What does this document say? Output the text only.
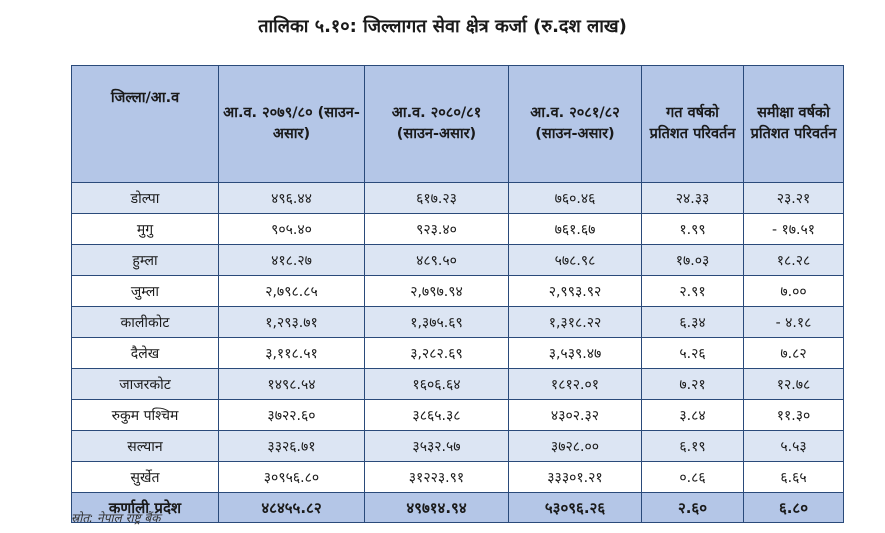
तालिका ५.१०: जिल्लागत सेवा क्षेत्र कर्जा (रु.दश लाख)
जिल्ला/आ.व	आ.व. २०७९/८० (साउन-असार)	आ.व. २०८०/८१ (साउन-असार)	आ.व. २०८१/८२ (साउन-असार)	गत वर्षको प्रतिशत परिवर्तन	समीक्षा वर्षको प्रतिशत परिवर्तन
डोल्पा	४९६.४४	६१७.२३	७६०.४६	२४.३३	२३.२१
मुगु	९०५.४०	९२३.४०	७६१.६७	१.९९	- १७.५१
हुम्ला	४१८.२७	४८९.५०	५७८.९८	१७.०३	१८.२८
जुम्ला	२,७९८.८५	२,७९७.९४	२,९९३.९२	२.९१	७.००
कालीकोट	१,२९३.७१	१,३७५.६९	१,३१८.२२	६.३४	- ४.१८
दैलेख	३,११८.५१	३,२८२.६९	३,५३९.४७	५.२६	७.८२
जाजरकोट	१४९८.५४	१६०६.६४	१८१२.०१	७.२१	१२.७८
रुकुम पश्चिम	३७२२.६०	३८६५.३८	४३०२.३२	३.८४	११.३०
सल्यान	३३२६.७१	३५३२.५७	३७२८.००	६.१९	५.५३
सुर्खेत	३०९५६.८०	३१२२३.९१	३३३०१.२१	०.८६	६.६५
कर्णाली प्रदेश	४८४५५.८२	४९७१४.९४	५३०९६.२६	२.६०	६.८०
स्रोत: नेपाल राष्ट्र बैंक
